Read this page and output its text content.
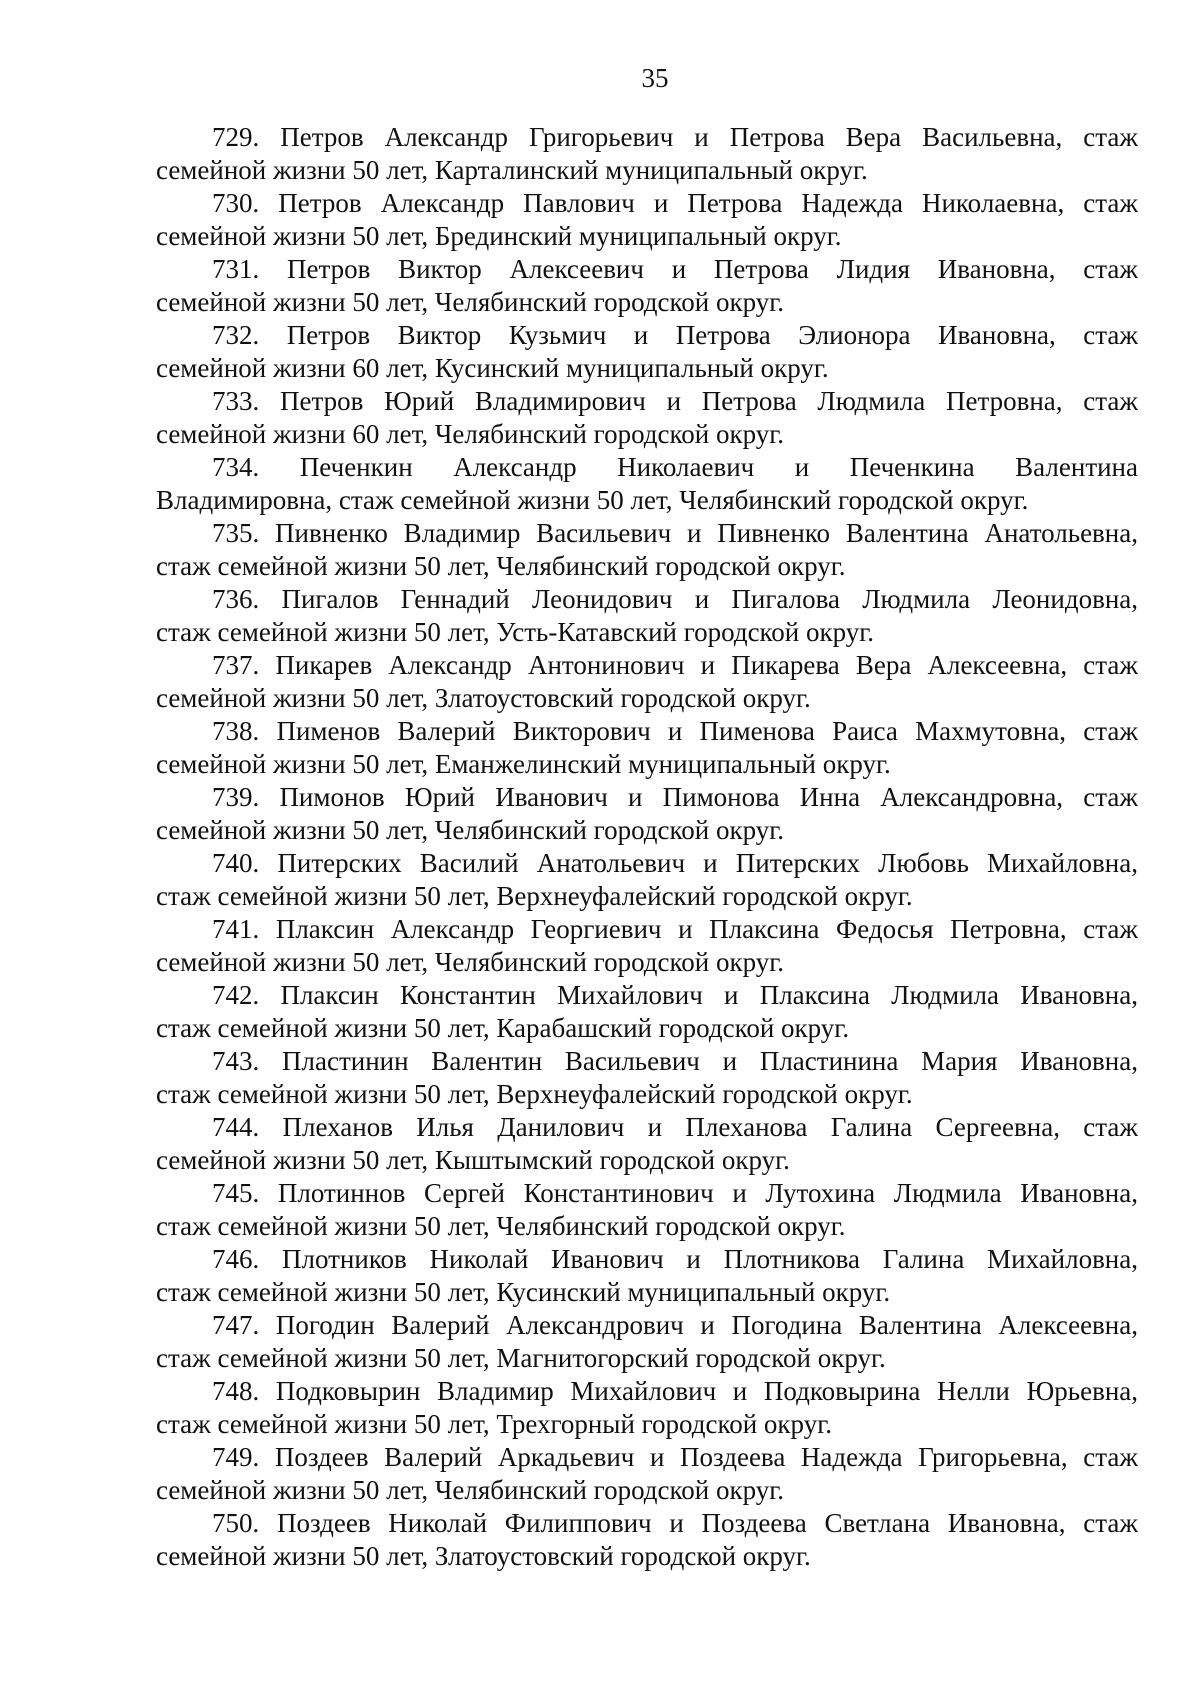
35
729. Петров Александр Григорьевич и Петрова Вера Васильевна, стаж
семейной жизни 50 лет, Карталинский муниципальный округ.
730. Петров Александр Павлович и Петрова Надежда Николаевна, стаж
семейной жизни 50 лет, Брединский муниципальный округ.
731. Петров Виктор Алексеевич и Петрова Лидия Ивановна, стаж
семейной жизни 50 лет, Челябинский городской округ.
732. Петров Виктор Кузьмич и Петрова Элионора Ивановна, стаж
семейной жизни 60 лет, Кусинский муниципальный округ.
733. Петров Юрий Владимирович и Петрова Людмила Петровна, стаж
семейной жизни 60 лет, Челябинский городской округ.
734. Печенкин Александр Николаевич и Печенкина Валентина
Владимировна, стаж семейной жизни 50 лет, Челябинский городской округ.
735. Пивненко Владимир Васильевич и Пивненко Валентина Анатольевна,
стаж семейной жизни 50 лет, Челябинский городской округ.
736. Пигалов Геннадий Леонидович и Пигалова Людмила Леонидовна,
стаж семейной жизни 50 лет, Усть-Катавский городской округ.
737. Пикарев Александр Антонинович и Пикарева Вера Алексеевна, стаж
семейной жизни 50 лет, Златоустовский городской округ.
738. Пименов Валерий Викторович и Пименова Раиса Махмутовна, стаж
семейной жизни 50 лет, Еманжелинский муниципальный округ.
739. Пимонов Юрий Иванович и Пимонова Инна Александровна, стаж
семейной жизни 50 лет, Челябинский городской округ.
740. Питерских Василий Анатольевич и Питерских Любовь Михайловна,
стаж семейной жизни 50 лет, Верхнеуфалейский городской округ.
741. Плаксин Александр Георгиевич и Плаксина Федосья Петровна, стаж
семейной жизни 50 лет, Челябинский городской округ.
742. Плаксин Константин Михайлович и Плаксина Людмила Ивановна,
стаж семейной жизни 50 лет, Карабашский городской округ.
743. Пластинин Валентин Васильевич и Пластинина Мария Ивановна,
стаж семейной жизни 50 лет, Верхнеуфалейский городской округ.
744. Плеханов Илья Данилович и Плеханова Галина Сергеевна, стаж
семейной жизни 50 лет, Кыштымский городской округ.
745. Плотиннов Сергей Константинович и Лутохина Людмила Ивановна,
стаж семейной жизни 50 лет, Челябинский городской округ.
746. Плотников Николай Иванович и Плотникова Галина Михайловна,
стаж семейной жизни 50 лет, Кусинский муниципальный округ.
747. Погодин Валерий Александрович и Погодина Валентина Алексеевна,
стаж семейной жизни 50 лет, Магнитогорский городской округ.
748. Подковырин Владимир Михайлович и Подковырина Нелли Юрьевна,
стаж семейной жизни 50 лет, Трехгорный городской округ.
749. Поздеев Валерий Аркадьевич и Поздеева Надежда Григорьевна, стаж
семейной жизни 50 лет, Челябинский городской округ.
750. Поздеев Николай Филиппович и Поздеева Светлана Ивановна, стаж
семейной жизни 50 лет, Златоустовский городской округ.
